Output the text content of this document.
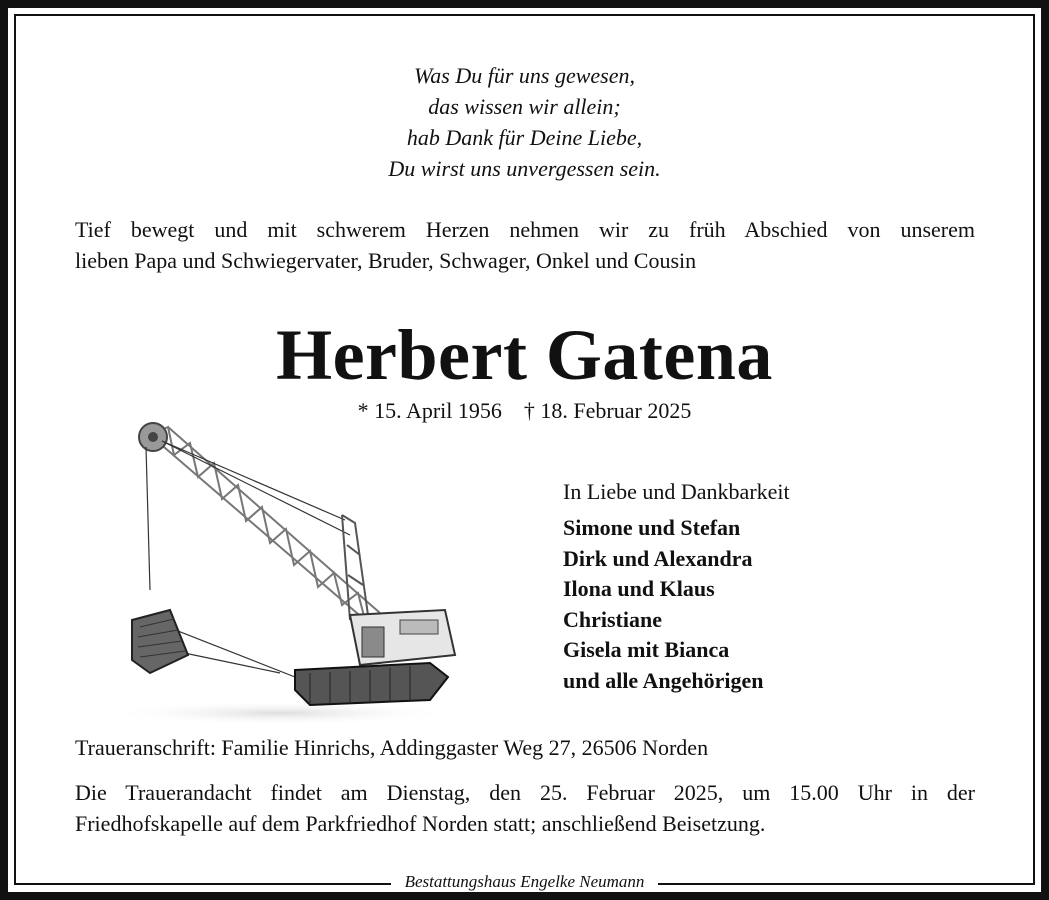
Was Du für uns gewesen,
das wissen wir allein;
hab Dank für Deine Liebe,
Du wirst uns unvergessen sein.
Tief bewegt und mit schwerem Herzen nehmen wir zu früh Abschied von unserem
lieben Papa und Schwiegervater, Bruder, Schwager, Onkel und Cousin
Herbert Gatena
* 15. April 1956 † 18. Februar 2025
In Liebe und Dankbarkeit
Simone und Stefan
Dirk und Alexandra
Ilona und Klaus
Christiane
Gisela mit Bianca
und alle Angehörigen
Traueranschrift: Familie Hinrichs, Addinggaster Weg 27, 26506 Norden
Die Trauerandacht findet am Dienstag, den 25. Februar 2025, um 15.00 Uhr in der
Friedhofskapelle auf dem Parkfriedhof Norden statt; anschließend Beisetzung.
Bestattungshaus Engelke Neumann
